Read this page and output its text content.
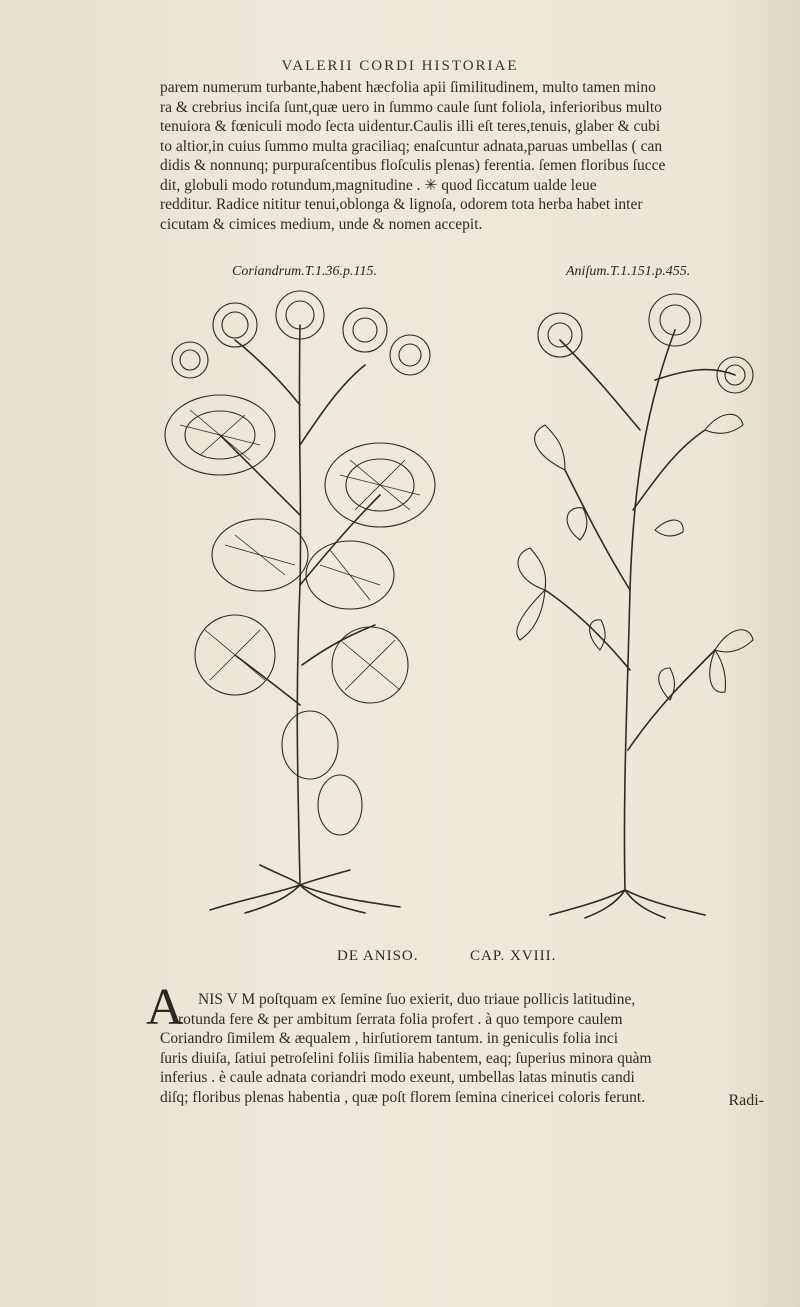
VALERII CORDI HISTORIAE
parem numerum turbante,habent hæcfolia apii ſimilitudinem, multo tamen mino
ra & crebrius inciſa ſunt,quæ uero in ſummo caule ſunt foliola, inferioribus multo
tenuiora & fœniculi modo ſecta uidentur.Caulis illi eſt teres,tenuis, glaber & cubi
to altior,in cuius ſummo multa graciliaq; enaſcuntur adnata,paruas umbellas ( can
didis & nonnunq; purpuraſcentibus floſculis plenas) ferentia. ſemen floribus ſucce
dit, globuli modo rotundum,magnitudine . ✳ quod ſiccatum ualde leue
redditur. Radice nititur tenui,oblonga & lignoſa, odorem tota herba habet inter
cicutam & cimices medium, unde & nomen accepit.
Coriandrum.T.1.36.p.115.	Aniſum.T.1.151.p.455.
DE ANISO.	CAP. XVIII.
A NIS V M poſtquam ex ſemine ſuo exierit, duo triaue pollicis latitudine,
rotunda fere & per ambitum ſerrata folia profert . à quo tempore caulem
Coriandro ſimilem & æqualem , hirſutiorem tantum. in geniculis folia inci
ſuris diuiſa, ſatiui petroſelini foliis ſimilia habentem, eaq; ſuperius minora quàm
inferius . è caule adnata coriandri modo exeunt, umbellas latas minutis candi
diſq; floribus plenas habentia , quæ poſt florem ſemina cinericei coloris ferunt.	Radi-
